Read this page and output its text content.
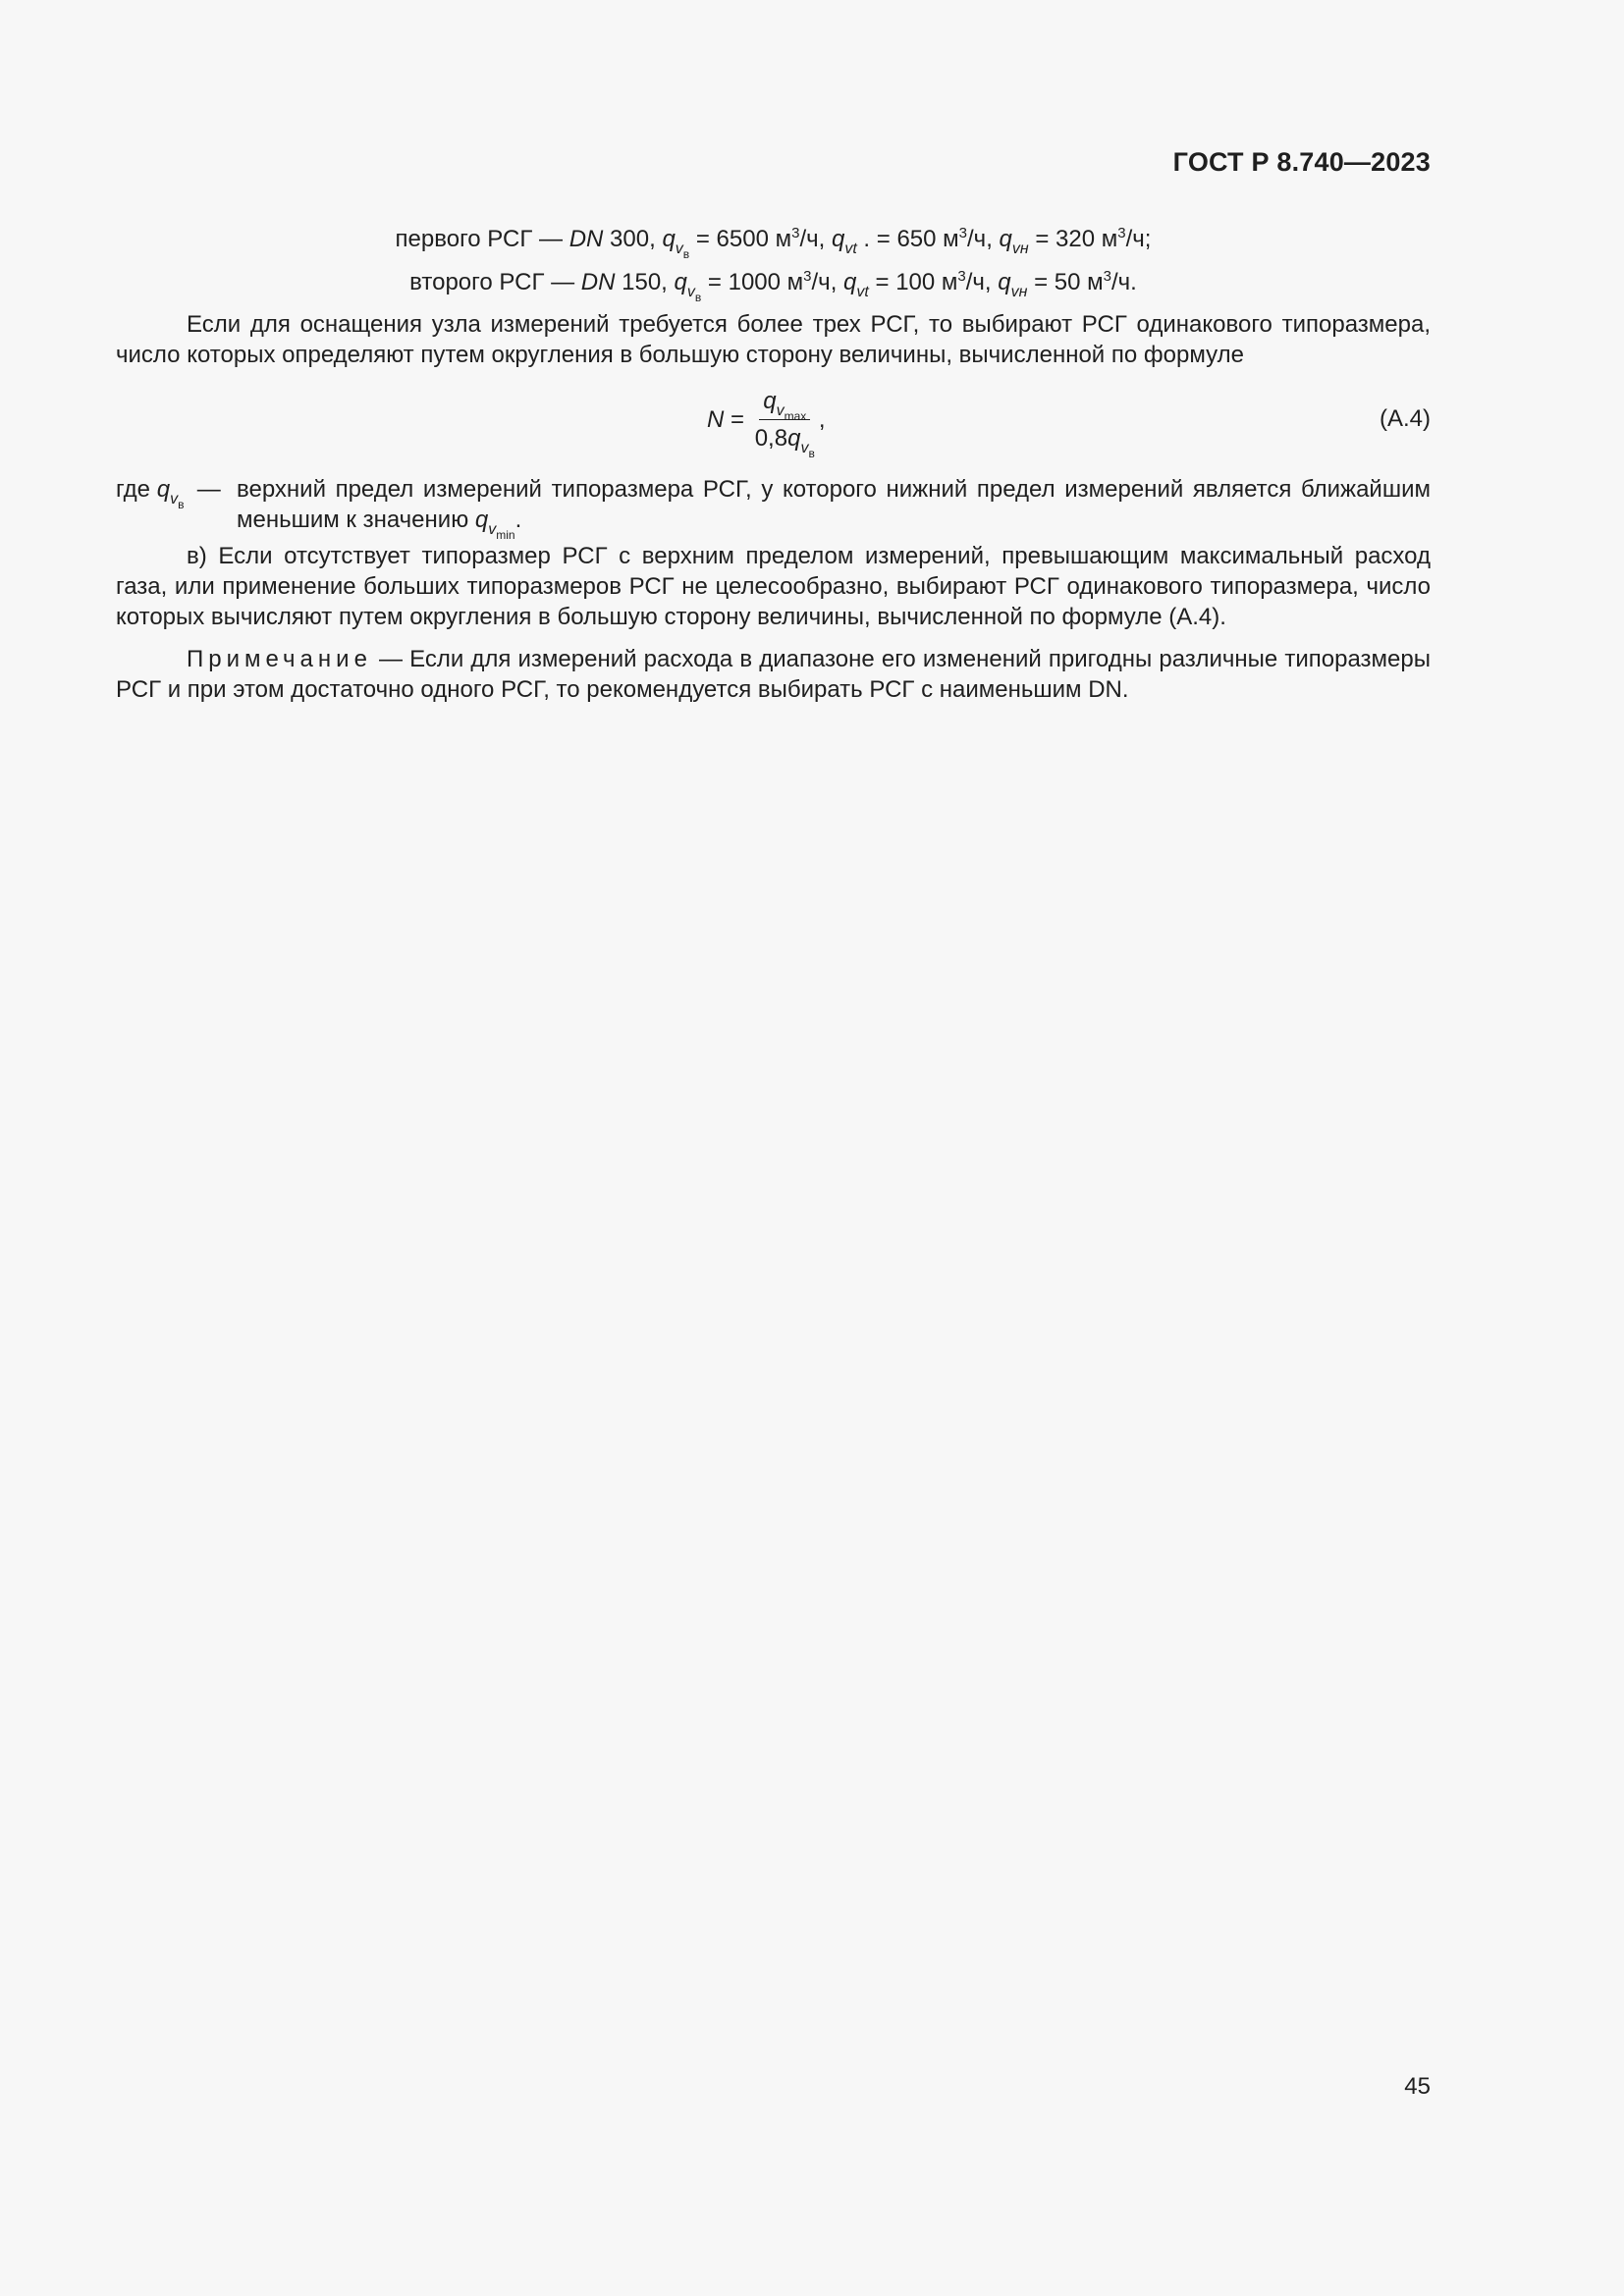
ГОСТ Р 8.740—2023

первого РСГ — DN 300, $q_{v_в} = 6500$ $м^3/ч$, $q_{vt}$ . = 650 $м^3/ч$, $q_{vн} = 320$ $м^3/ч$;

второго РСГ — DN 150, $q_{v_в} = 1000$ $м^3/ч$, $q_{vt} = 100$ $м^3/ч$, $q_{vн} = 50$ $м^3/ч$.

Если для оснащения узла измерений требуется более трех РСГ, то выбирают РСГ одинакового типоразмера, число которых определяют путем округления в большую сторону величины, вычисленной по формуле

$N = \frac{q_{v_{max}}}{0,8q_{v_в}}$ ,	(А.4)
где $q_{v_в}$  — верхний предел измерений типоразмера РСГ, у которого нижний предел измерений является ближайшим меньшим к значению $q_{v_{min}}$.

в) Если отсутствует типоразмер РСГ с верхним пределом измерений, превышающим максимальный расход газа, или применение больших типоразмеров РСГ не целесообразно, выбирают РСГ одинакового типоразмера, число которых вычисляют путем округления в большую сторону величины, вычисленной по формуле (А.4).

Примечание — Если для измерений расхода в диапазоне его изменений пригодны различные типоразмеры РСГ и при этом достаточно одного РСГ, то рекомендуется выбирать РСГ с наименьшим DN.

45
